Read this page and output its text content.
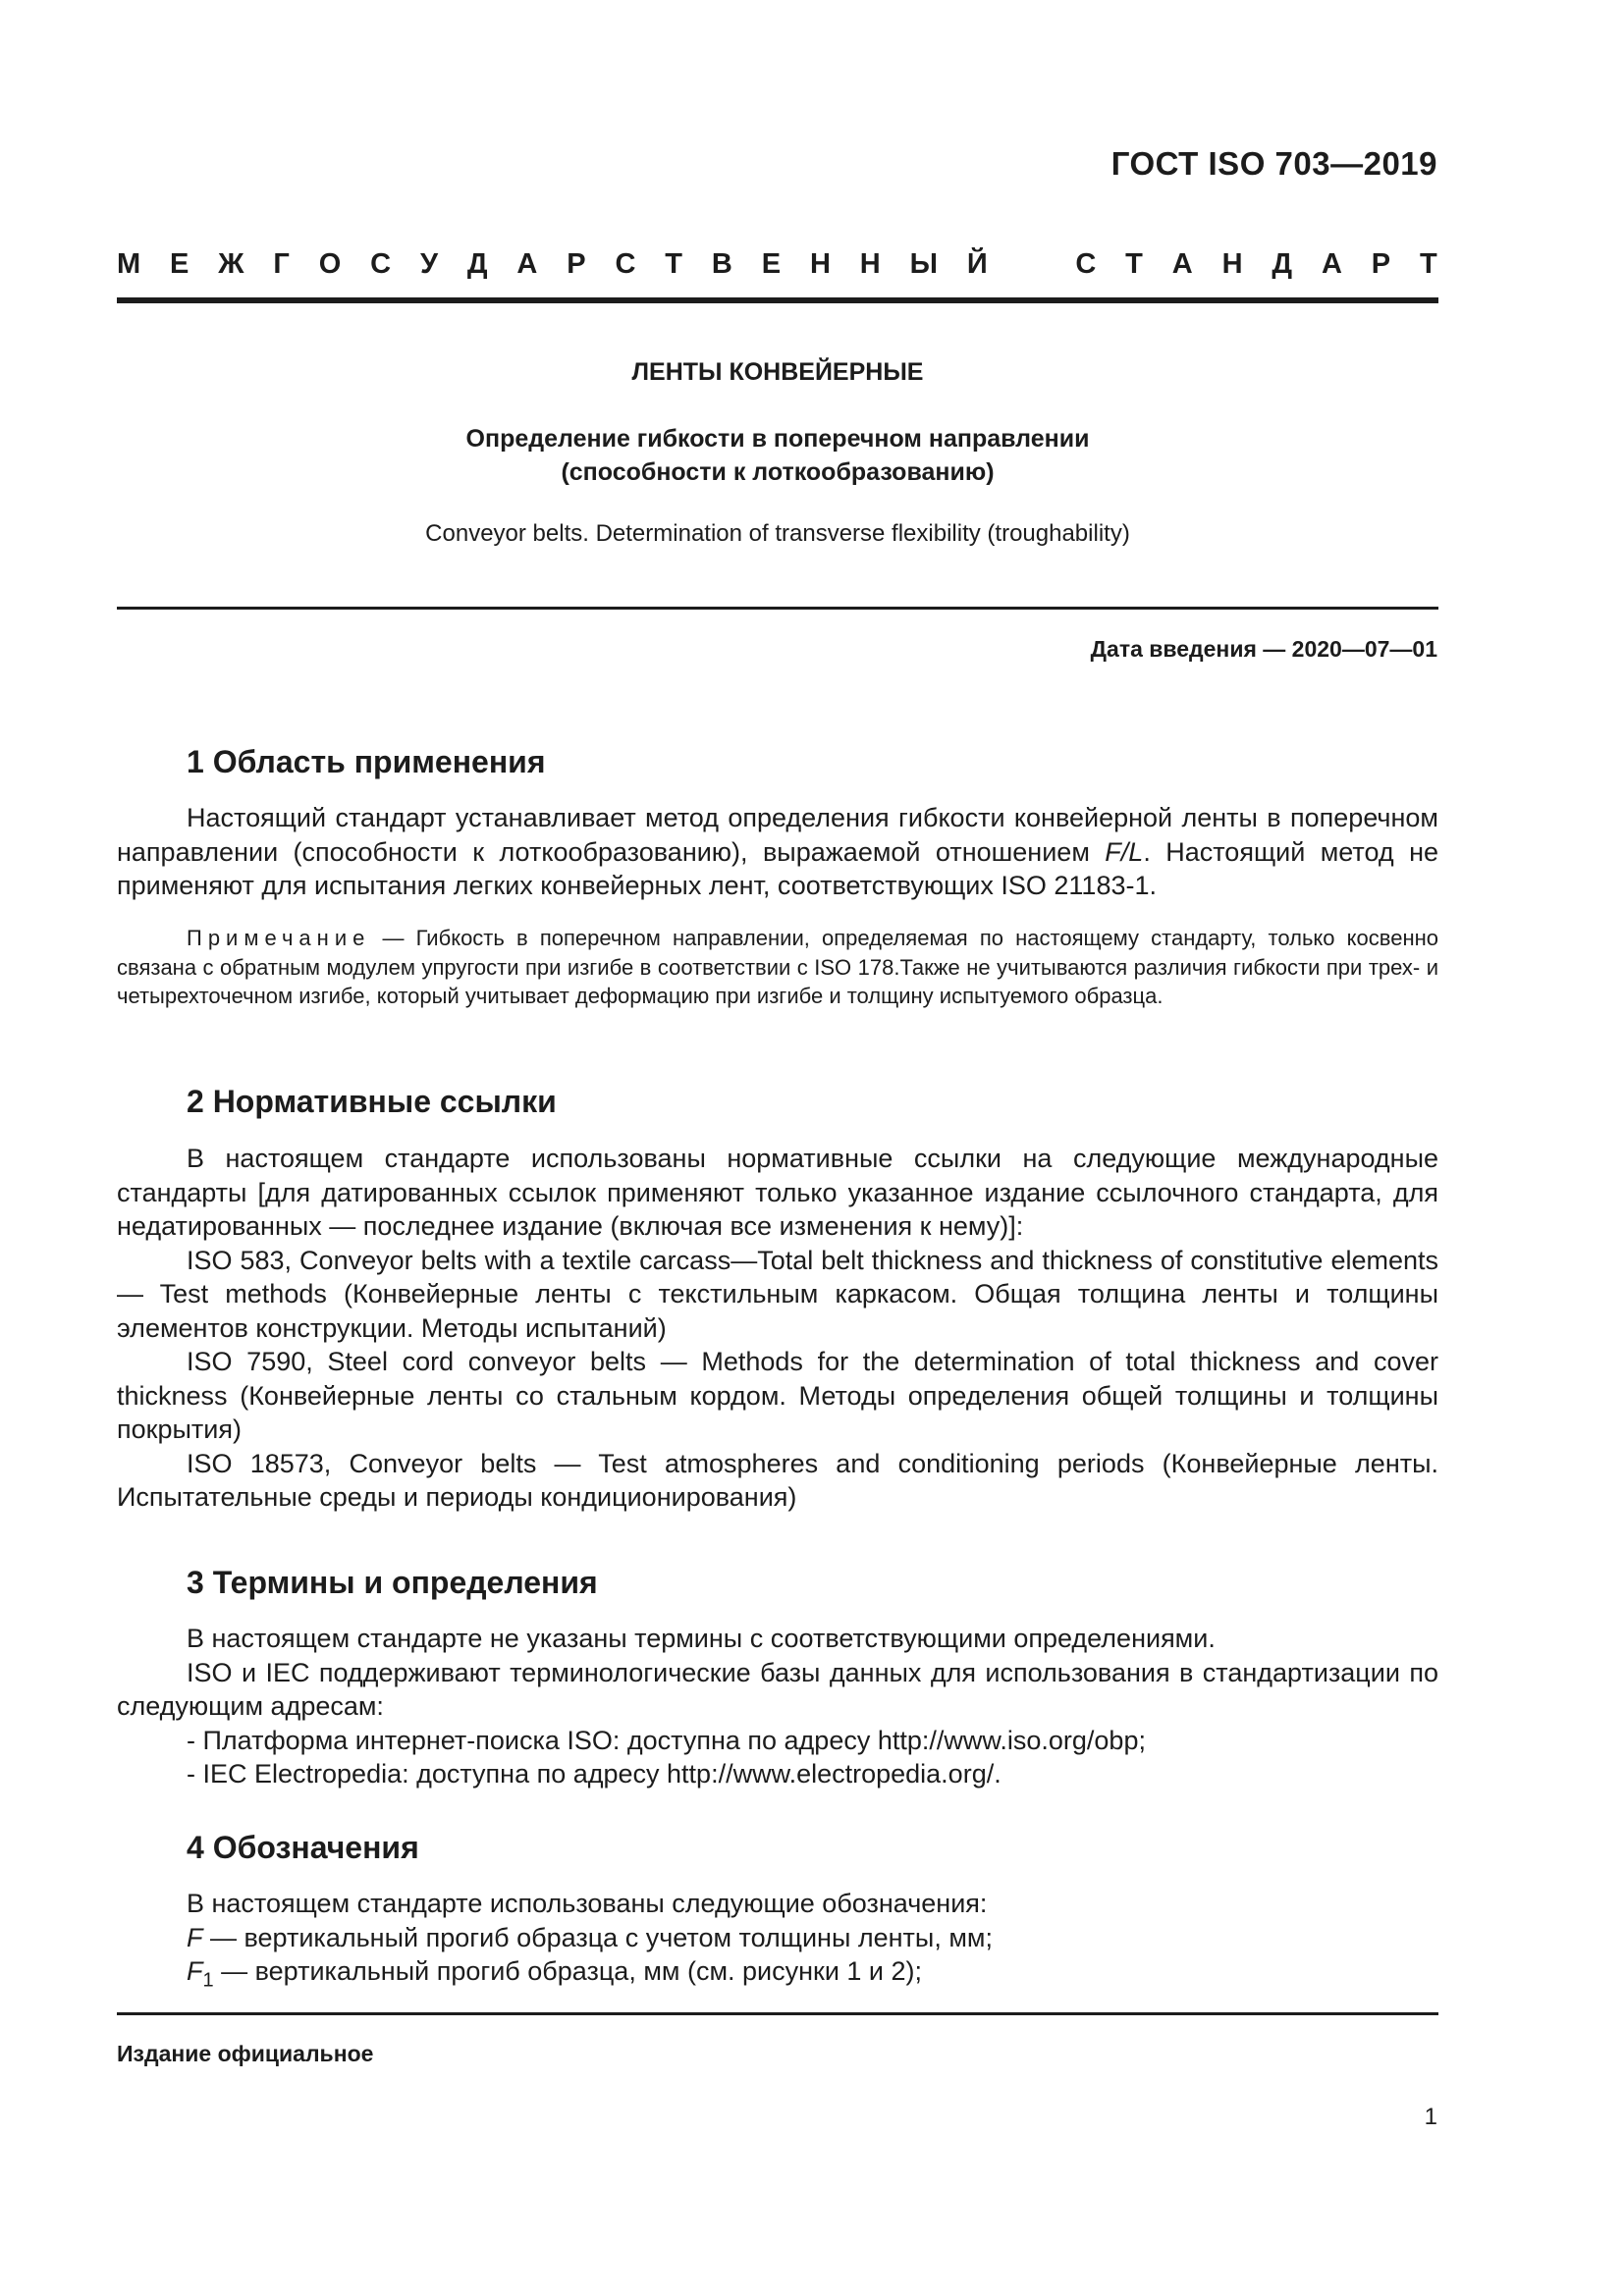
ГОСТ ISO 703—2019
М Е Ж Г О С У Д А Р С Т В Е Н Н Ы Й	С Т А Н Д А Р Т
ЛЕНТЫ КОНВЕЙЕРНЫЕ
Определение гибкости в поперечном направлении
(способности к лоткообразованию)
Conveyor belts. Determination of transverse flexibility (troughability)
Дата введения — 2020—07—01
1 Область применения
Настоящий стандарт устанавливает метод определения гибкости конвейерной ленты в поперечном направлении (способности к лоткообразованию), выражаемой отношением F/L. Настоящий метод не применяют для испытания легких конвейерных лент, соответствующих ISO 21183-1.
Примечание — Гибкость в поперечном направлении, определяемая по настоящему стандарту, только косвенно связана с обратным модулем упругости при изгибе в соответствии с ISO 178.Также не учитываются различия гибкости при трех- и четырехточечном изгибе, который учитывает деформацию при изгибе и толщину испытуемого образца.
2 Нормативные ссылки
В настоящем стандарте использованы нормативные ссылки на следующие международные стандарты [для датированных ссылок применяют только указанное издание ссылочного стандарта, для недатированных — последнее издание (включая все изменения к нему)]:
ISO 583, Conveyor belts with a textile carcass—Total belt thickness and thickness of constitutive elements — Test methods (Конвейерные ленты с текстильным каркасом. Общая толщина ленты и толщины элементов конструкции. Методы испытаний)
ISO 7590, Steel cord conveyor belts — Methods for the determination of total thickness and cover thickness (Конвейерные ленты со стальным кордом. Методы определения общей толщины и толщины покрытия)
ISO 18573, Conveyor belts — Test atmospheres and conditioning periods (Конвейерные ленты. Испытательные среды и периоды кондиционирования)
3 Термины и определения
В настоящем стандарте не указаны термины с соответствующими определениями.
ISO и IEC поддерживают терминологические базы данных для использования в стандартизации по следующим адресам:
- Платформа интернет-поиска ISO: доступна по адресу http://www.iso.org/obp;
- IEC Electropedia: доступна по адресу http://www.electropedia.org/.
4 Обозначения
В настоящем стандарте использованы следующие обозначения:
F — вертикальный прогиб образца с учетом толщины ленты, мм;
$F_1$ — вертикальный прогиб образца, мм (см. рисунки 1 и 2);
Издание официальное
1
